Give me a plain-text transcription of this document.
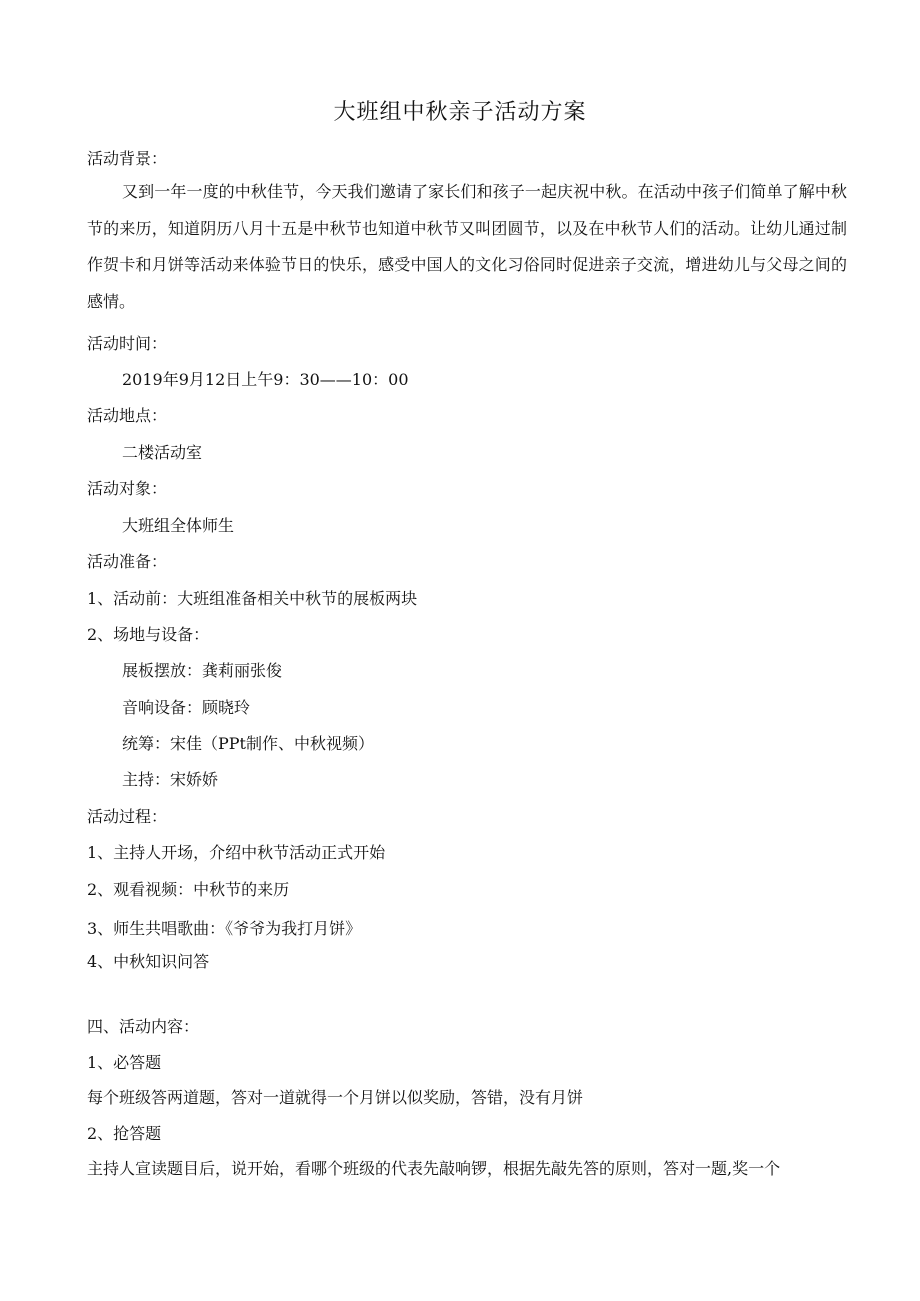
大班组中秋亲子活动方案
活动背景：
又到一年一度的中秋佳节，今天我们邀请了家长们和孩子一起庆祝中秋。在活动中孩子们简单了解中秋节的来历，知道阴历八月十五是中秋节也知道中秋节又叫团圆节，以及在中秋节人们的活动。让幼儿通过制作贺卡和月饼等活动来体验节日的快乐，感受中国人的文化习俗同时促进亲子交流，增进幼儿与父母之间的感情。
活动时间：
2019年9月12日上午9：30——10：00
活动地点：
二楼活动室
活动对象：
大班组全体师生
活动准备：
1、活动前：大班组准备相关中秋节的展板两块
2、场地与设备：
展板摆放：龚莉丽张俊
音响设备：顾晓玲
统筹：宋佳（PPt制作、中秋视频）
主持：宋娇娇
活动过程：
1、主持人开场，介绍中秋节活动正式开始
2、观看视频：中秋节的来历
3、师生共唱歌曲：《爷爷为我打月饼》
4、中秋知识问答
四、活动内容：
1、必答题
每个班级答两道题，答对一道就得一个月饼以似奖励，答错，没有月饼
2、抢答题
主持人宣读题目后，说开始，看哪个班级的代表先敲响锣，根据先敲先答的原则，答对一题,奖一个
